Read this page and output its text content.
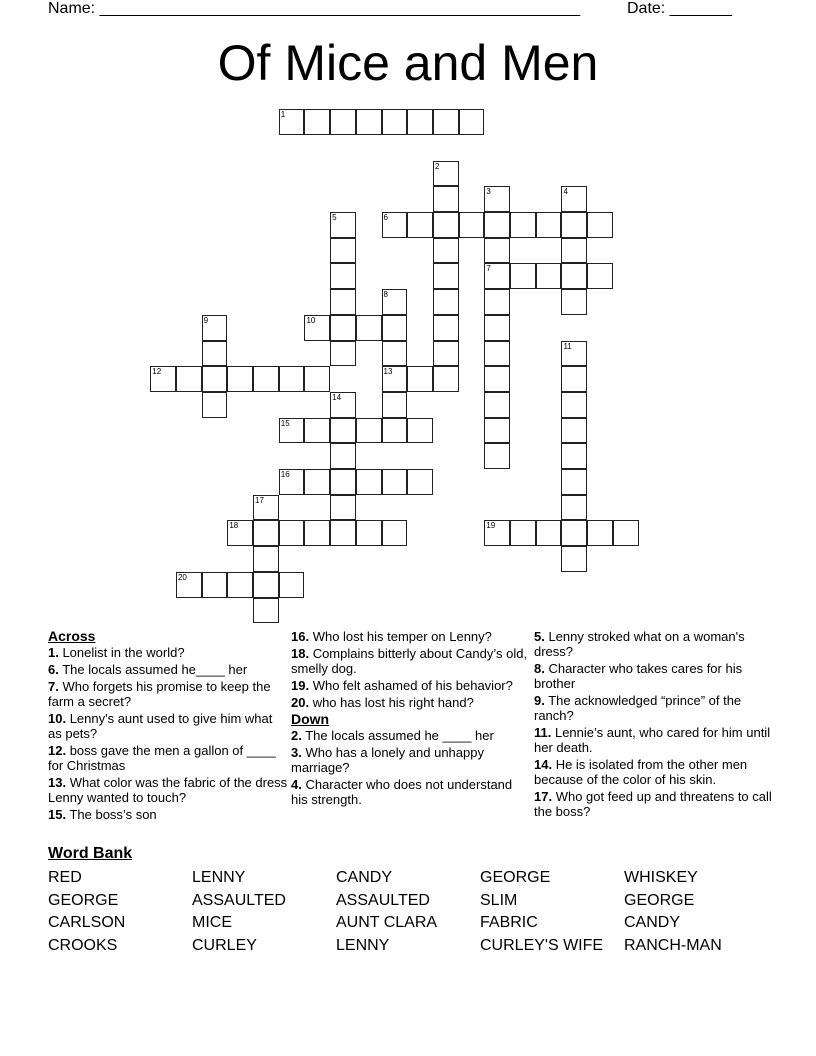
Name: ______________________________________________________	Date: _______
Of Mice and Men
1
2
3
7
4
5	6
8
13
9	10
11
12
14
15
16
17
18	19
20
Across
1. Lonelist in the world?
6. The locals assumed he____ her
7. Who forgets his promise to keep the farm a secret?
10. Lenny's aunt used to give him what as pets?
12. boss gave the men a gallon of ____ for Christmas
13. What color was the fabric of the dress Lenny wanted to touch?
15. The boss’s son
16. Who lost his temper on Lenny?
18. Complains bitterly about Candy’s old, smelly dog.
19. Who felt ashamed of his behavior?
20. who has lost his right hand?
Down
2. The locals assumed he ____ her
3. Who has a lonely and unhappy marriage?
4. Character who does not understand his strength.
5. Lenny stroked what on a woman's dress?
8. Character who takes cares for his brother
9. The acknowledged “prince” of the ranch?
11. Lennie’s aunt, who cared for him until her death.
14. He is isolated from the other men because of the color of his skin.
17. Who got feed up and threatens to call the boss?
Word Bank
RED	LENNY	CANDY	GEORGE	WHISKEY
GEORGE	ASSAULTED	ASSAULTED	SLIM	GEORGE
CARLSON	MICE	AUNT CLARA	FABRIC	CANDY
CROOKS	CURLEY	LENNY	CURLEY'S WIFE	RANCH-MAN
